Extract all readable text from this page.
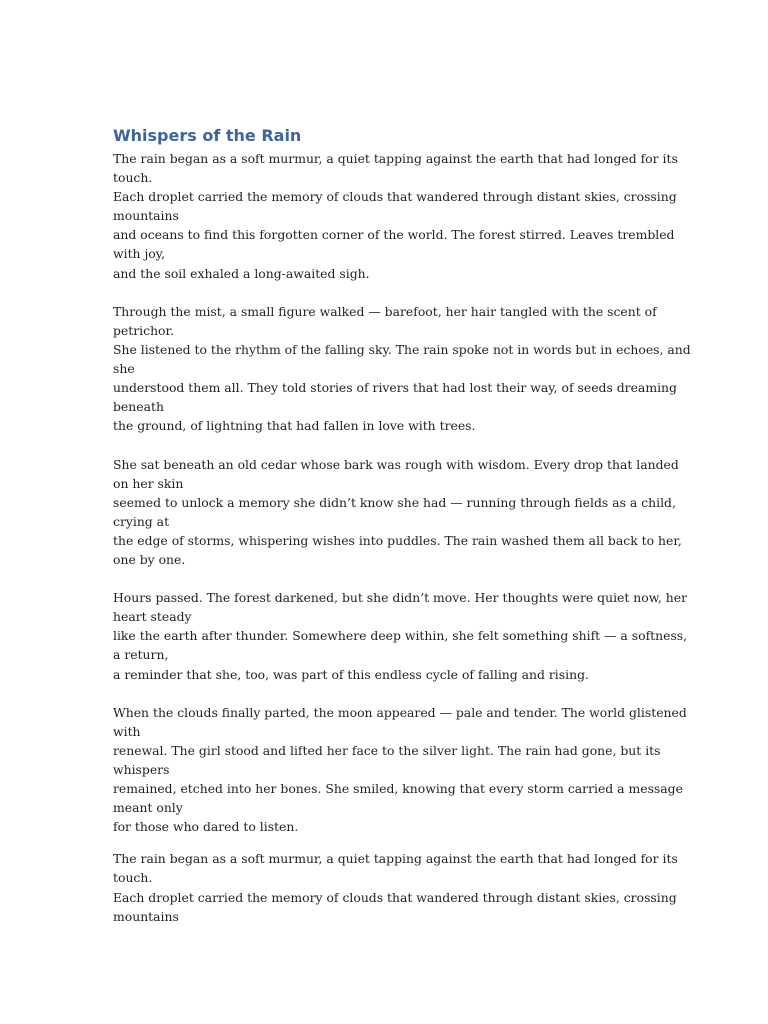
Whispers of the Rain

The rain began as a soft murmur, a quiet tapping against the earth that had longed for its
touch.
Each droplet carried the memory of clouds that wandered through distant skies, crossing
mountains
and oceans to find this forgotten corner of the world. The forest stirred. Leaves trembled
with joy,
and the soil exhaled a long-awaited sigh.

Through the mist, a small figure walked — barefoot, her hair tangled with the scent of
petrichor.
She listened to the rhythm of the falling sky. The rain spoke not in words but in echoes, and
she
understood them all. They told stories of rivers that had lost their way, of seeds dreaming
beneath
the ground, of lightning that had fallen in love with trees.

She sat beneath an old cedar whose bark was rough with wisdom. Every drop that landed
on her skin
seemed to unlock a memory she didn’t know she had — running through fields as a child,
crying at
the edge of storms, whispering wishes into puddles. The rain washed them all back to her,
one by one.

Hours passed. The forest darkened, but she didn’t move. Her thoughts were quiet now, her
heart steady
like the earth after thunder. Somewhere deep within, she felt something shift — a softness,
a return,
a reminder that she, too, was part of this endless cycle of falling and rising.

When the clouds finally parted, the moon appeared — pale and tender. The world glistened
with
renewal. The girl stood and lifted her face to the silver light. The rain had gone, but its
whispers
remained, etched into her bones. She smiled, knowing that every storm carried a message
meant only
for those who dared to listen.

The rain began as a soft murmur, a quiet tapping against the earth that had longed for its
touch.
Each droplet carried the memory of clouds that wandered through distant skies, crossing
mountains
